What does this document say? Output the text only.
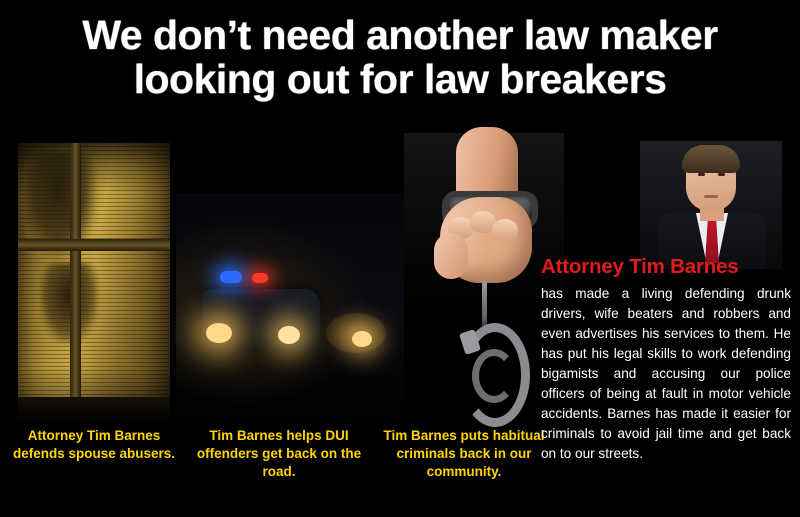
We don’t need another law maker
looking out for law breakers
Attorney Tim Barnes defends spouse abusers.
Tim Barnes helps DUI offenders get back on the road.
Tim Barnes puts habitual criminals back in our community.
Attorney Tim Barnes
has made a living defending drunk drivers, wife beaters and robbers and even advertises his services to them. He has put his legal skills to work defending bigamists and accusing our police officers of being at fault in motor vehicle accidents. Barnes has made it easier for criminals to avoid jail time and get back on to our streets.
